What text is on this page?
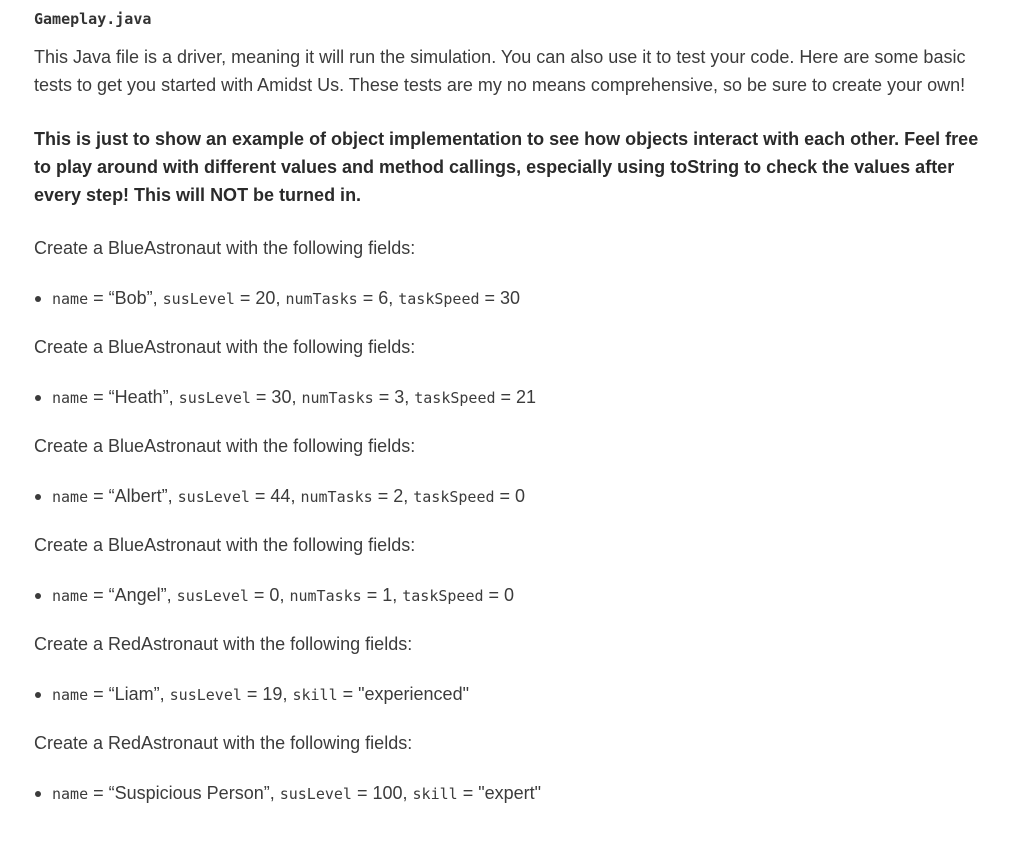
Gameplay.java

This Java file is a driver, meaning it will run the simulation. You can also use it to test your code. Here are some basic tests to get you started with Amidst Us. These tests are my no means comprehensive, so be sure to create your own!

This is just to show an example of object implementation to see how objects interact with each other. Feel free to play around with different values and method callings, especially using toString to check the values after every step! This will NOT be turned in.

Create a BlueAstronaut with the following fields:

name = “Bob”, susLevel = 20, numTasks = 6, taskSpeed = 30

Create a BlueAstronaut with the following fields:

name = “Heath”, susLevel = 30, numTasks = 3, taskSpeed = 21

Create a BlueAstronaut with the following fields:

name = “Albert”, susLevel = 44, numTasks = 2, taskSpeed = 0

Create a BlueAstronaut with the following fields:

name = “Angel”, susLevel = 0, numTasks = 1, taskSpeed = 0

Create a RedAstronaut with the following fields:

name = “Liam”, susLevel = 19, skill = "experienced"

Create a RedAstronaut with the following fields:

name = “Suspicious Person”, susLevel = 100, skill = "expert"
